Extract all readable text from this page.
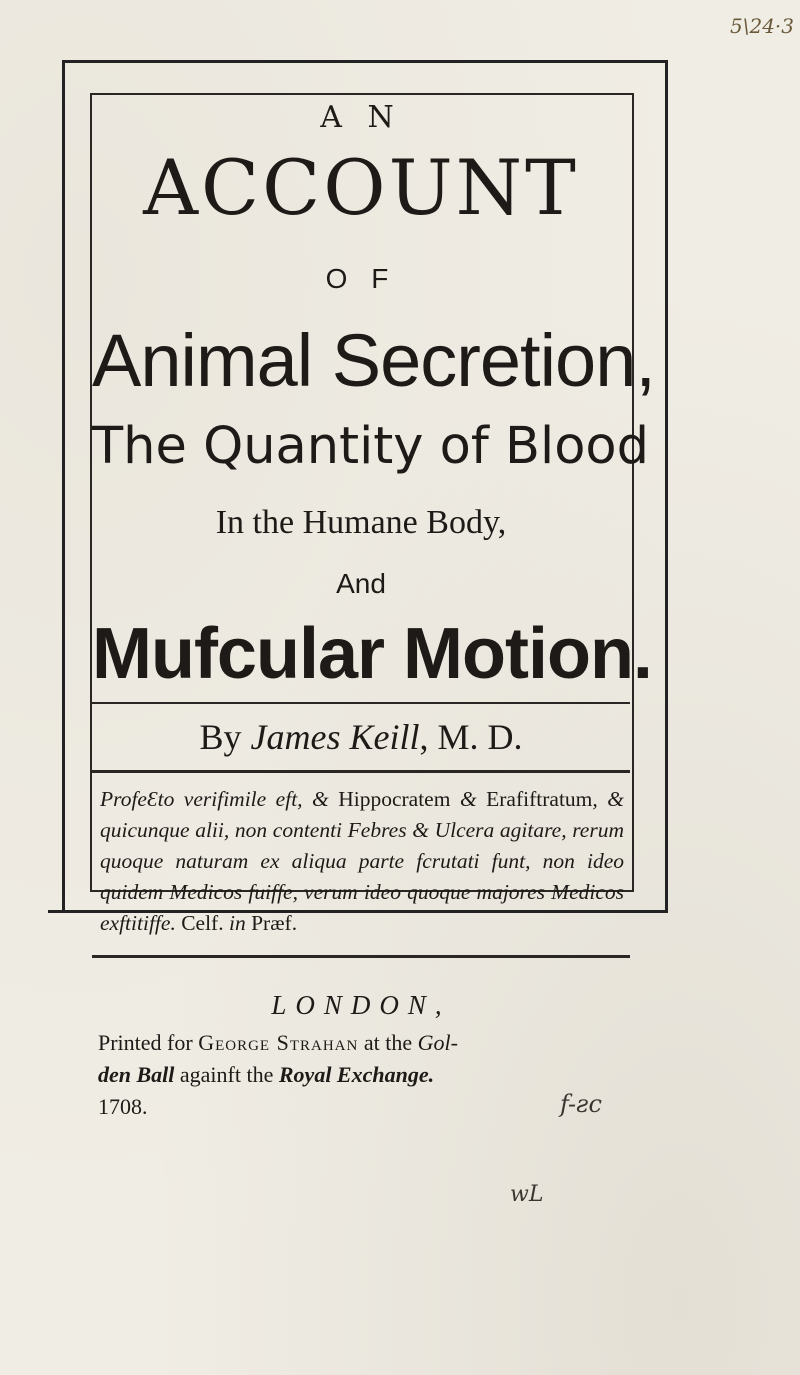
A N
ACCOUNT
O F
Animal Secretion,
The Quantity of Blood
In the Humane Body,
And
Mufcular Motion.
By James Keill, M. D.
ProfeƐto verifimile eft, & Hippocratem & Erafiftratum, & quicunque alii, non contenti Febres & Ulcera agitare, rerum quoque naturam ex aliqua parte fcrutati funt, non ideo quidem Medicos fuiffe, verum ideo quoque majores Medicos exftitiffe. Celf. in Præf.
LONDON,
Printed for George Strahan at the Gol-
den Ball againft the Royal Exchange.
1708.	f-ƨc
wL
5\24·3
